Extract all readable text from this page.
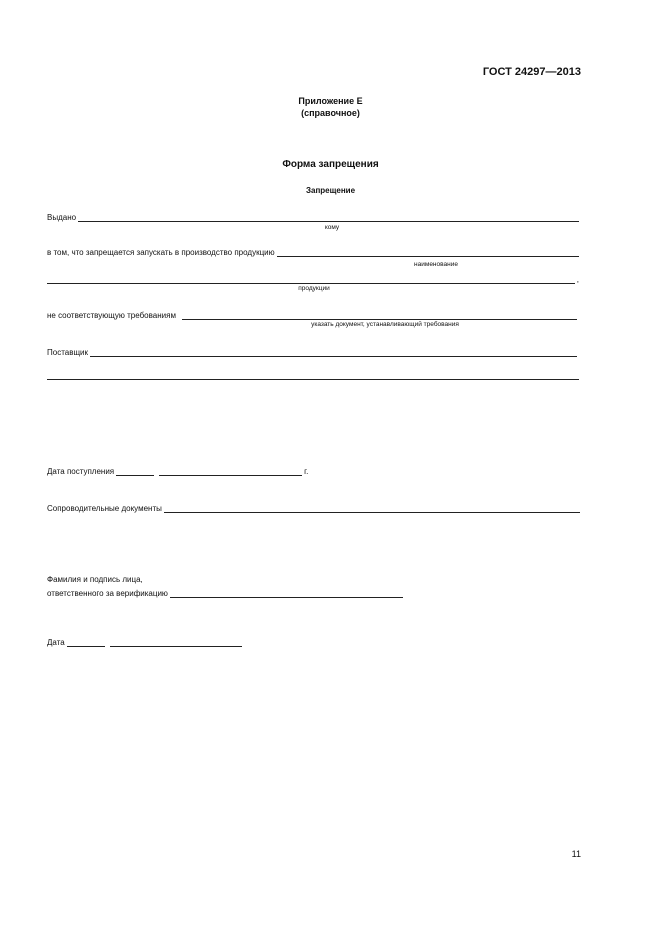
ГОСТ 24297—2013
Приложение Е
(справочное)
Форма запрещения
Запрещение
Выдано
кому
в том, что запрещается запускать в производство продукцию
наименование
,
продукции
не соответствующую требованиям
указать документ, устанавливающий требования
Поставщик
Дата поступления	г.
Сопроводительные документы
Фамилия и подпись лица,
ответственного за верификацию
Дата
11
